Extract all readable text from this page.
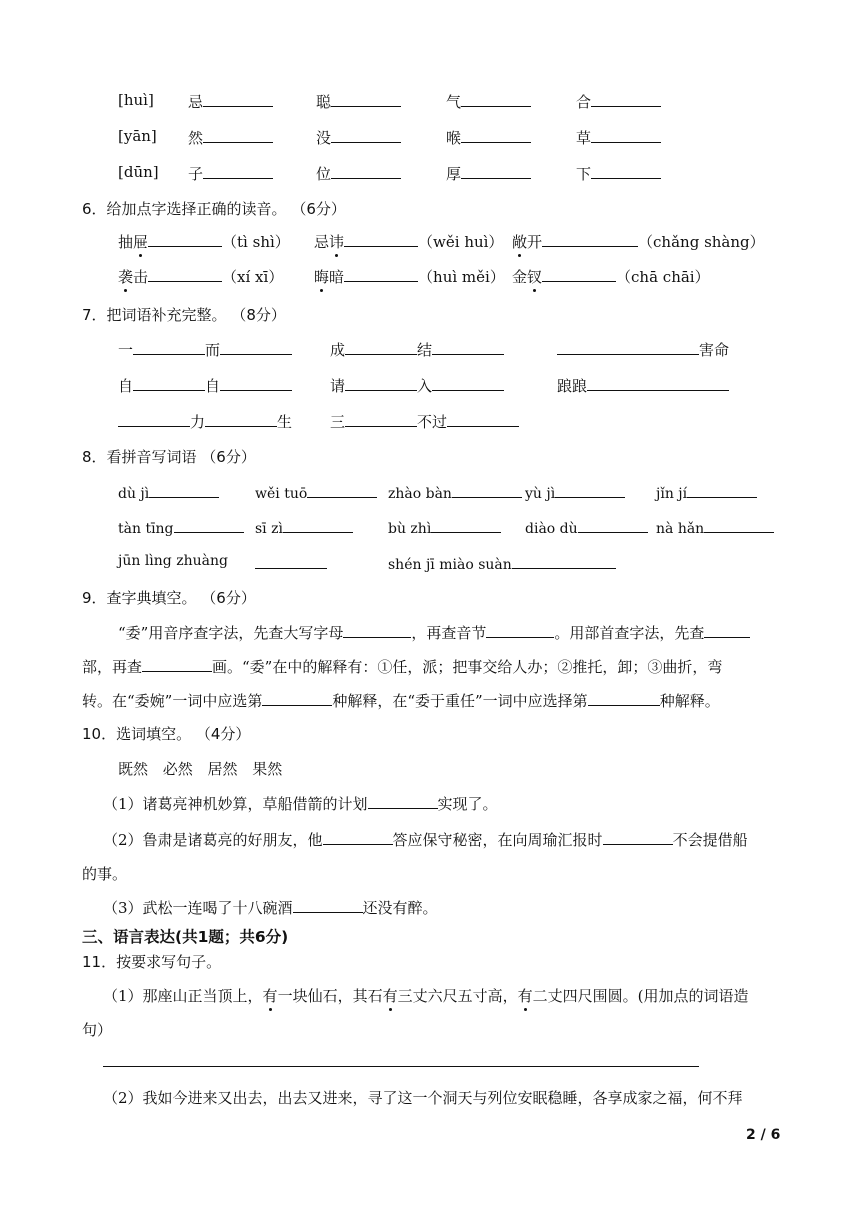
[huì] 忌	聪	气	合
[yān] 然	没	喉	草
[dūn] 子	位	厚	下
6．给加点字选择正确的读音。 （6分）
抽屉	（tì shì） 忌讳	（wěi huì） 敞开	（chǎng shàng）
袭击	（xí xī） 晦暗	（huì měi） 金钗	（chā chāi）
7．把词语补充完整。 （8分）
一	而	成	结	害命
自	自	请	入	踉踉
力	生	三	不过
8．看拼音写词语 （6分）
dù jì	wěi tuō	zhào bàn	yù jì	jǐn jí
tàn tīng	sī zì	bù zhì	diào dù	nà hǎn
jūn lìng zhuàng	shén jī miào suàn
9．查字典填空。 （6分）
“委”用音序查字法，先查大写字母	，再查音节	。用部首查字法，先查
部，再查	画。“委”在中的解释有：①任，派；把事交给人办；②推托，卸；③曲折，弯
转。在“委婉”一词中应选第	种解释，在“委于重任”一词中应选择第	种解释。
10．选词填空。 （4分）
既然 必然 居然 果然
（1）诸葛亮神机妙算，草船借箭的计划	实现了。
（2）鲁肃是诸葛亮的好朋友，他	答应保守秘密，在向周瑜汇报时	不会提借船
的事。
（3）武松一连喝了十八碗酒	还没有醉。
三、语言表达(共1题；共6分)
11．按要求写句子。
（1）那座山正当顶上，有一块仙石，其石有三丈六尺五寸高，有二丈四尺围圆。(用加点的词语造
句）
（2）我如今进来又出去，出去又进来，寻了这一个洞天与列位安眠稳睡，各享成家之福，何不拜
2 / 6
